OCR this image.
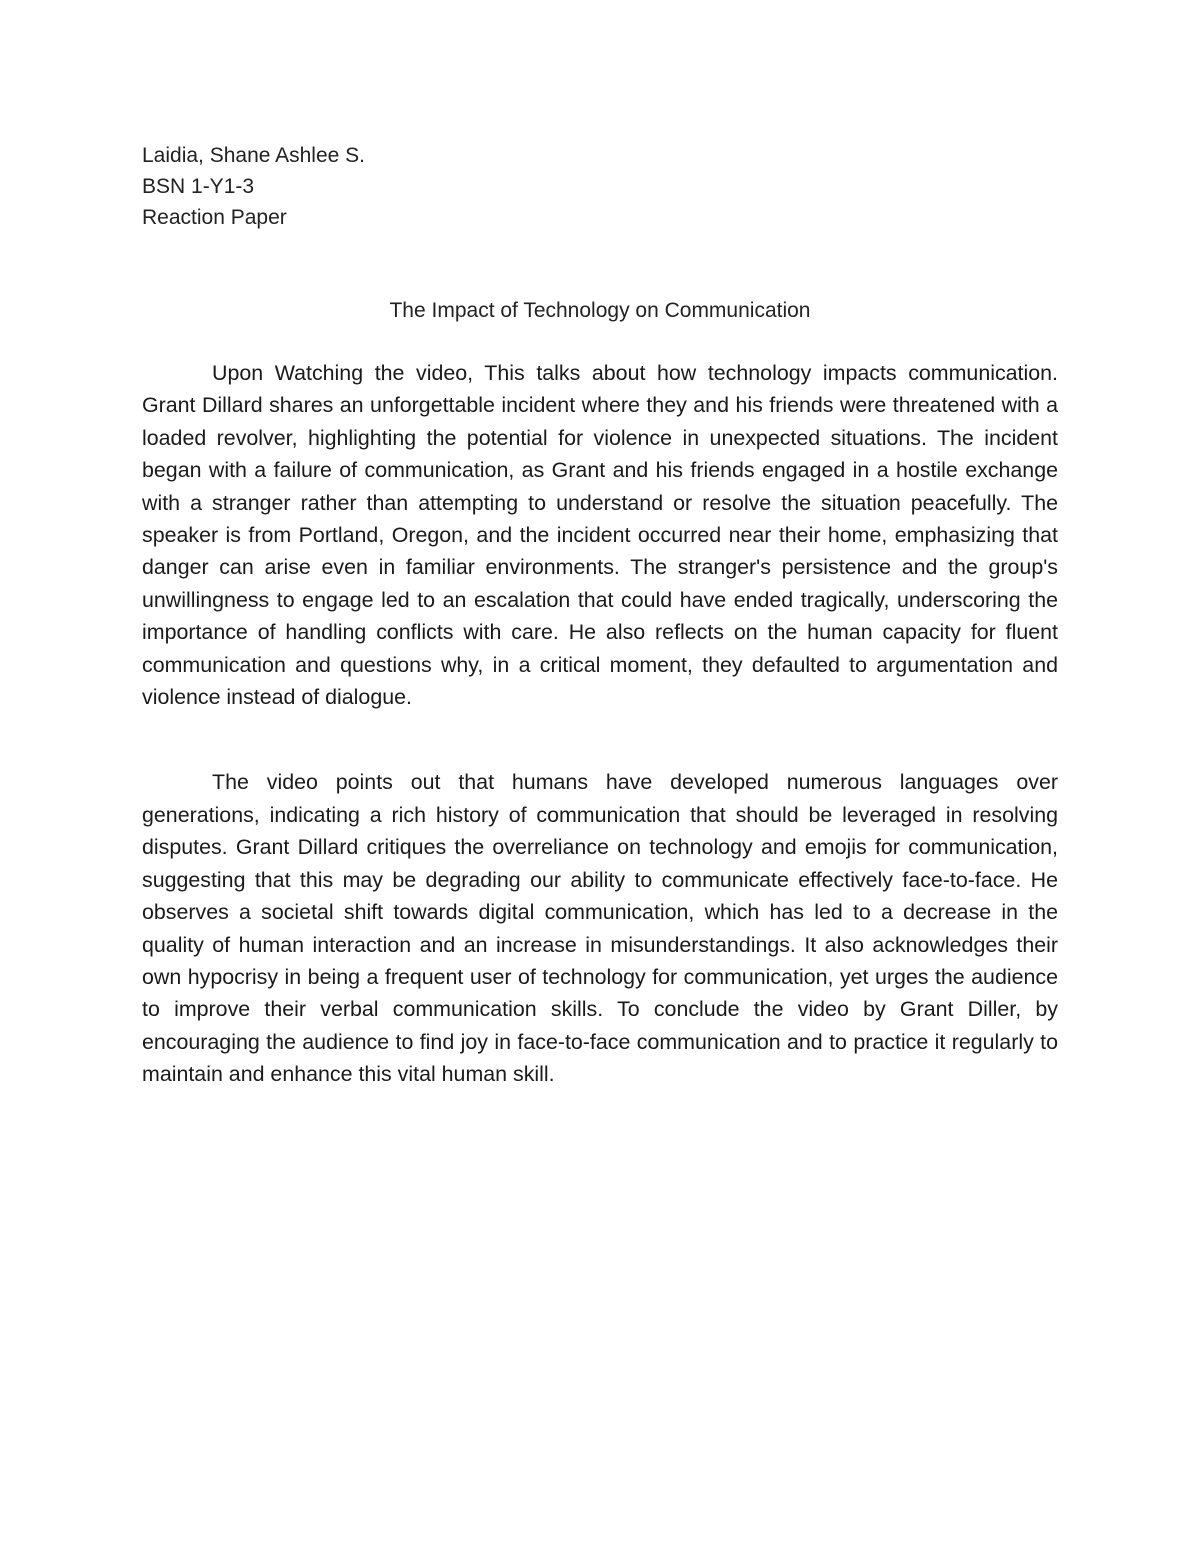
Laidia, Shane Ashlee S.

BSN 1-Y1-3

Reaction Paper

The Impact of Technology on Communication

Upon Watching the video, This talks about how technology impacts communication. Grant Dillard shares an unforgettable incident where they and his friends were threatened with a loaded revolver, highlighting the potential for violence in unexpected situations. The incident began with a failure of communication, as Grant and his friends engaged in a hostile exchange with a stranger rather than attempting to understand or resolve the situation peacefully. The speaker is from Portland, Oregon, and the incident occurred near their home, emphasizing that danger can arise even in familiar environments. The stranger's persistence and the group's unwillingness to engage led to an escalation that could have ended tragically, underscoring the importance of handling conflicts with care. He also reflects on the human capacity for fluent communication and questions why, in a critical moment, they defaulted to argumentation and violence instead of dialogue.

The video points out that humans have developed numerous languages over generations, indicating a rich history of communication that should be leveraged in resolving disputes. Grant Dillard critiques the overreliance on technology and emojis for communication, suggesting that this may be degrading our ability to communicate effectively face-to-face. He observes a societal shift towards digital communication, which has led to a decrease in the quality of human interaction and an increase in misunderstandings. It also acknowledges their own hypocrisy in being a frequent user of technology for communication, yet urges the audience to improve their verbal communication skills. To conclude the video by Grant Diller, by encouraging the audience to find joy in face-to-face communication and to practice it regularly to maintain and enhance this vital human skill.
